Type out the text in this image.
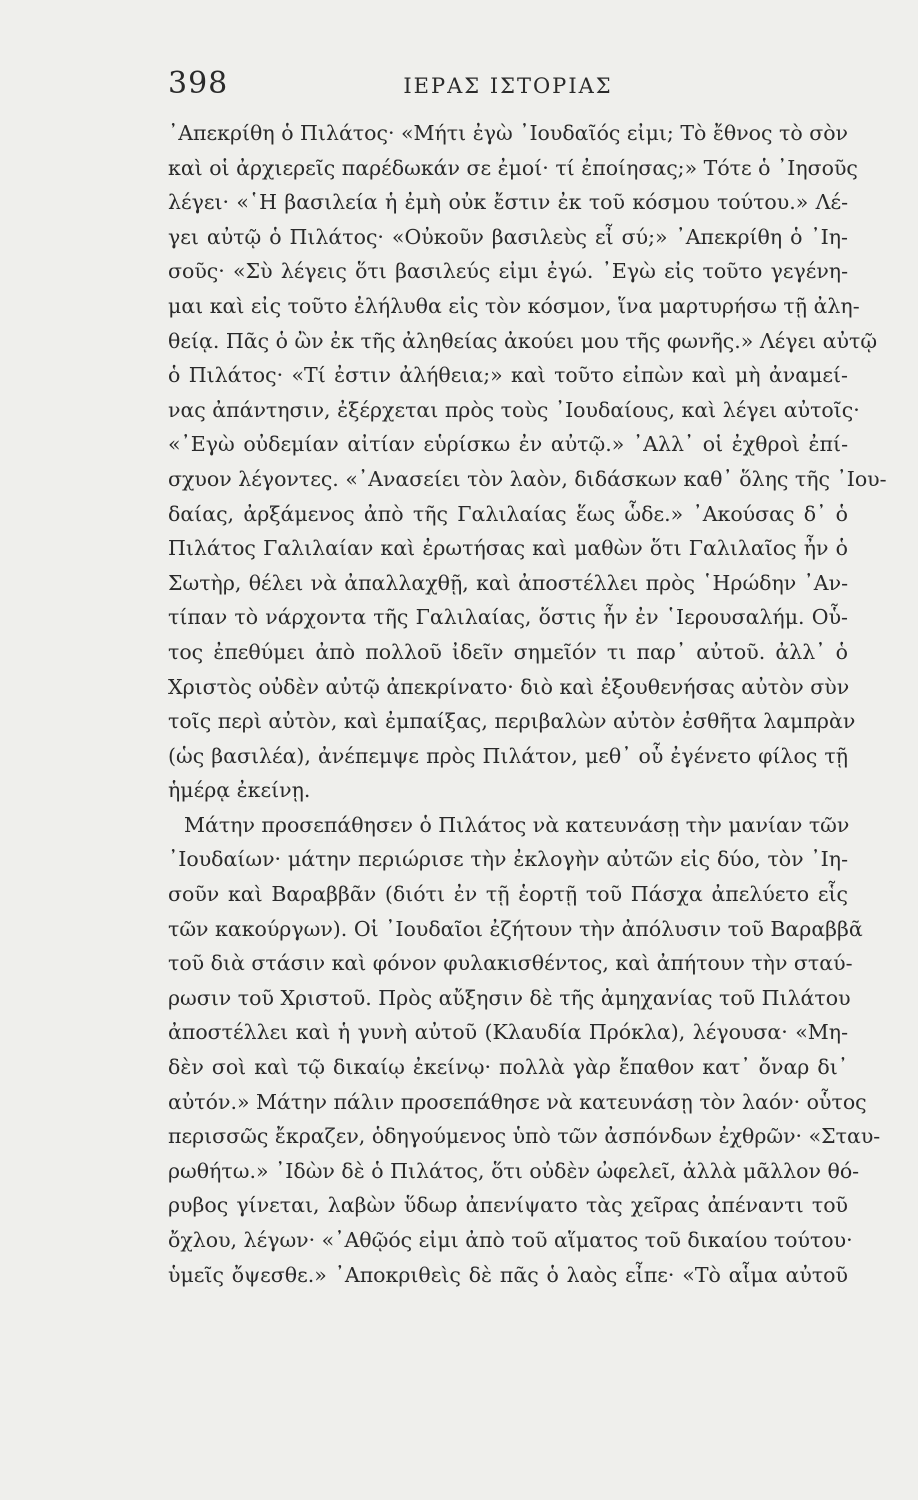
398	ΙΕΡΑΣ ΙΣΤΟΡΙΑΣ
᾿Απεκρίθη ὁ Πιλάτος· «Μήτι ἐγὼ ᾿Ιουδαῖός εἰμι; Τὸ ἔθνος τὸ σὸν
καὶ οἱ ἀρχιερεῖς παρέδωκάν σε ἐμοί· τί ἐποίησας;» Τότε ὁ ᾿Ιησοῦς
λέγει· «῾Η βασιλεία ἡ ἐμὴ οὐκ ἔστιν ἐκ τοῦ κόσμου τούτου.» Λέ-
γει αὐτῷ ὁ Πιλάτος· «Οὐκοῦν βασιλεὺς εἶ σύ;» ᾿Απεκρίθη ὁ ᾿Ιη-
σοῦς· «Σὺ λέγεις ὅτι βασιλεύς εἰμι ἐγώ. ᾿Εγὼ εἰς τοῦτο γεγένη-
μαι καὶ εἰς τοῦτο ἐλήλυθα εἰς τὸν κόσμον, ἵνα μαρτυρήσω τῇ ἀλη-
θείᾳ. Πᾶς ὁ ὢν ἐκ τῆς ἀληθείας ἀκούει μου τῆς φωνῆς.» Λέγει αὐτῷ
ὁ Πιλάτος· «Τί ἐστιν ἀλήθεια;» καὶ τοῦτο εἰπὼν καὶ μὴ ἀναμεί-
νας ἀπάντησιν, ἐξέρχεται πρὸς τοὺς ᾿Ιουδαίους, καὶ λέγει αὐτοῖς·
«᾿Εγὼ οὐδεμίαν αἰτίαν εὑρίσκω ἐν αὐτῷ.» ᾿Αλλ᾿ οἱ ἐχθροὶ ἐπί-
σχυον λέγοντες. «᾿Ανασείει τὸν λαὸν, διδάσκων καθ᾿ ὅλης τῆς ᾿Ιου-
δαίας, ἀρξάμενος ἀπὸ τῆς Γαλιλαίας ἕως ὧδε.» ᾿Ακούσας δ᾿ ὁ
Πιλάτος Γαλιλαίαν καὶ ἐρωτήσας καὶ μαθὼν ὅτι Γαλιλαῖος ἦν ὁ
Σωτὴρ, θέλει νὰ ἀπαλλαχθῇ, καὶ ἀποστέλλει πρὸς ῾Ηρώδην ᾿Αν-
τίπαν τὸ νάρχοντα τῆς Γαλιλαίας, ὅστις ἦν ἐν ῾Ιερουσαλήμ. Οὗ-
τος ἐπεθύμει ἀπὸ πολλοῦ ἰδεῖν σημεῖόν τι παρ᾿ αὐτοῦ. ἀλλ᾿ ὁ
Χριστὸς οὐδὲν αὐτῷ ἀπεκρίνατο· διὸ καὶ ἐξουθενήσας αὐτὸν σὺν
τοῖς περὶ αὐτὸν, καὶ ἐμπαίξας, περιβαλὼν αὐτὸν ἐσθῆτα λαμπρὰν
(ὡς βασιλέα), ἀνέπεμψε πρὸς Πιλάτον, μεθ᾿ οὗ ἐγένετο φίλος τῇ
ἡμέρᾳ ἐκείνῃ.
Μάτην προσεπάθησεν ὁ Πιλάτος νὰ κατευνάσῃ τὴν μανίαν τῶν
᾿Ιουδαίων· μάτην περιώρισε τὴν ἐκλογὴν αὐτῶν εἰς δύο, τὸν ᾿Ιη-
σοῦν καὶ Βαραββᾶν (διότι ἐν τῇ ἑορτῇ τοῦ Πάσχα ἀπελύετο εἷς
τῶν κακούργων). Οἱ ᾿Ιουδαῖοι ἐζήτουν τὴν ἀπόλυσιν τοῦ Βαραββᾶ
τοῦ διὰ στάσιν καὶ φόνον φυλακισθέντος, καὶ ἀπήτουν τὴν σταύ-
ρωσιν τοῦ Χριστοῦ. Πρὸς αὔξησιν δὲ τῆς ἀμηχανίας τοῦ Πιλάτου
ἀποστέλλει καὶ ἡ γυνὴ αὐτοῦ (Κλαυδία Πρόκλα), λέγουσα· «Μη-
δὲν σοὶ καὶ τῷ δικαίῳ ἐκείνῳ· πολλὰ γὰρ ἔπαθον κατ᾿ ὄναρ δι᾿
αὐτόν.» Μάτην πάλιν προσεπάθησε νὰ κατευνάσῃ τὸν λαόν· οὗτος
περισσῶς ἔκραζεν, ὁδηγούμενος ὑπὸ τῶν ἀσπόνδων ἐχθρῶν· «Σταυ-
ρωθήτω.» ᾿Ιδὼν δὲ ὁ Πιλάτος, ὅτι οὐδὲν ὠφελεῖ, ἀλλὰ μᾶλλον θό-
ρυβος γίνεται, λαβὼν ὕδωρ ἀπενίψατο τὰς χεῖρας ἀπέναντι τοῦ
ὄχλου, λέγων· «᾿Αθῷός εἰμι ἀπὸ τοῦ αἵματος τοῦ δικαίου τούτου·
ὑμεῖς ὄψεσθε.» ᾿Αποκριθεὶς δὲ πᾶς ὁ λαὸς εἶπε· «Τὸ αἷμα αὐτοῦ
